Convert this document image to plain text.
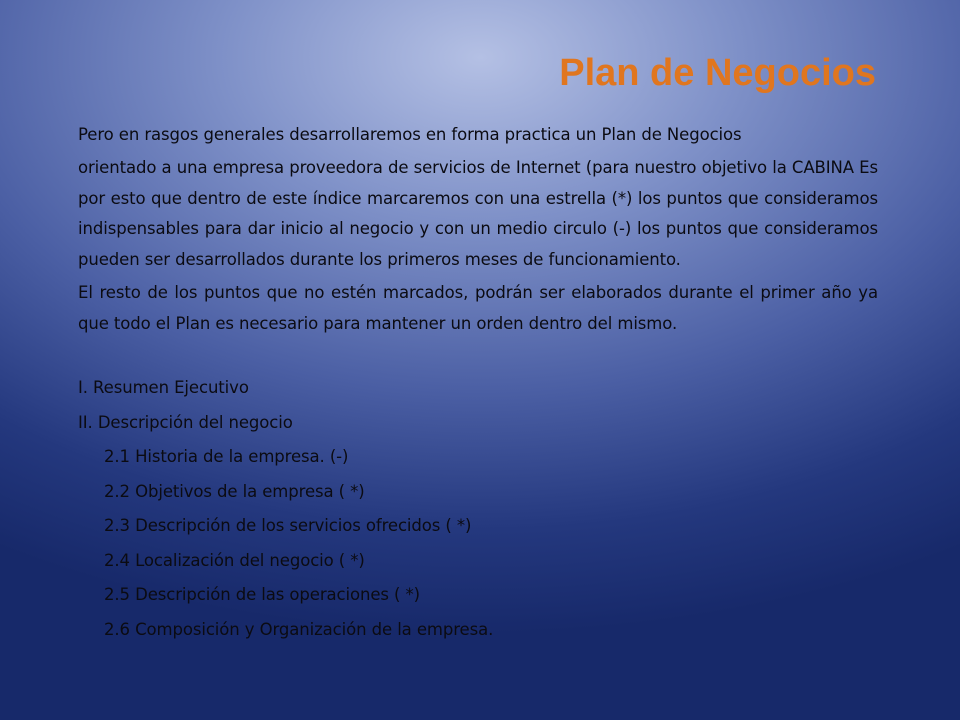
Plan de Negocios

Pero en rasgos generales desarrollaremos en forma practica un Plan de Negocios

orientado a una empresa proveedora de servicios de Internet (para nuestro objetivo la CABINA Es por esto que dentro de este índice marcaremos con una estrella (*) los puntos que consideramos indispensables para dar inicio al negocio y con un medio circulo (-) los puntos que consideramos pueden ser desarrollados durante los primeros meses de funcionamiento.

El resto de los puntos que no estén marcados, podrán ser elaborados durante el primer año ya que todo el Plan es necesario para mantener un orden dentro del mismo.

I. Resumen Ejecutivo
II. Descripción del negocio
2.1 Historia de la empresa. (-)
2.2 Objetivos de la empresa ( *)
2.3 Descripción de los servicios ofrecidos ( *)
2.4 Localización del negocio ( *)
2.5 Descripción de las operaciones ( *)
2.6 Composición y Organización de la empresa.
